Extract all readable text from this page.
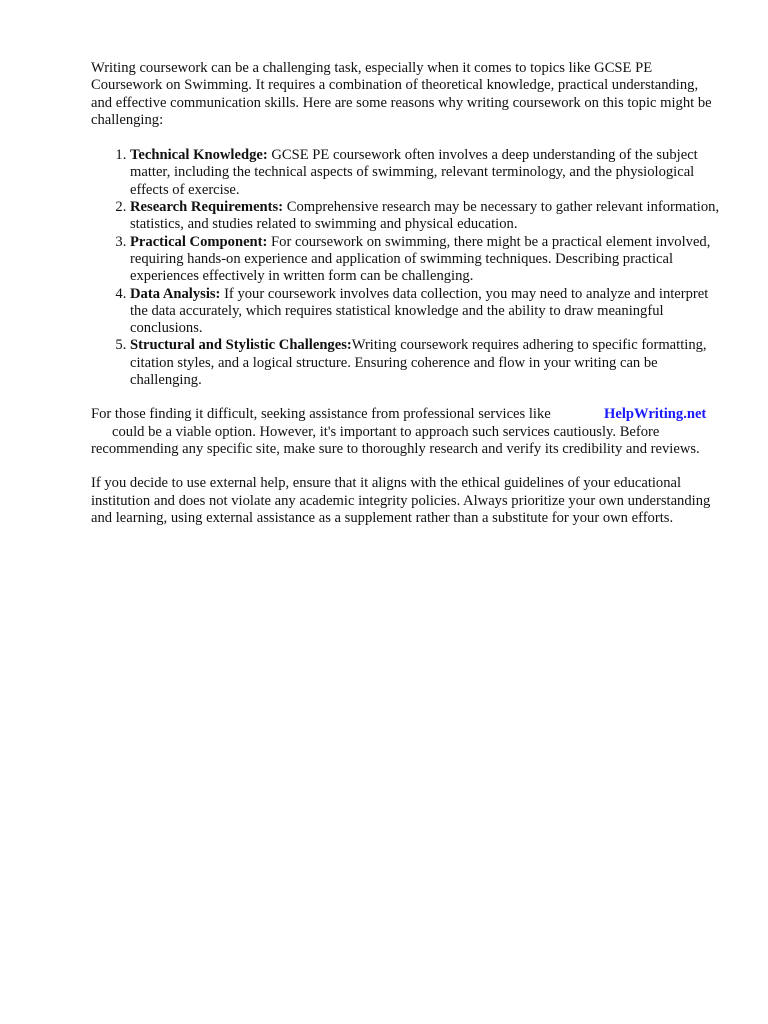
Writing coursework can be a challenging task, especially when it comes to topics like GCSE PE Coursework on Swimming. It requires a combination of theoretical knowledge, practical understanding, and effective communication skills. Here are some reasons why writing coursework on this topic might be challenging:

1. Technical Knowledge: GCSE PE coursework often involves a deep understanding of the subject matter, including the technical aspects of swimming, relevant terminology, and the physiological effects of exercise.
2. Research Requirements: Comprehensive research may be necessary to gather relevant information, statistics, and studies related to swimming and physical education.
3. Practical Component: For coursework on swimming, there might be a practical element involved, requiring hands-on experience and application of swimming techniques. Describing practical experiences effectively in written form can be challenging.
4. Data Analysis: If your coursework involves data collection, you may need to analyze and interpret the data accurately, which requires statistical knowledge and the ability to draw meaningful conclusions.
5. Structural and Stylistic Challenges:Writing coursework requires adhering to specific formatting, citation styles, and a logical structure. Ensuring coherence and flow in your writing can be challenging.

For those finding it difficult, seeking assistance from professional services like	HelpWriting.net
could be a viable option. However, it's important to approach such services cautiously. Before recommending any specific site, make sure to thoroughly research and verify its credibility and reviews.

If you decide to use external help, ensure that it aligns with the ethical guidelines of your educational institution and does not violate any academic integrity policies. Always prioritize your own understanding and learning, using external assistance as a supplement rather than a substitute for your own efforts.
